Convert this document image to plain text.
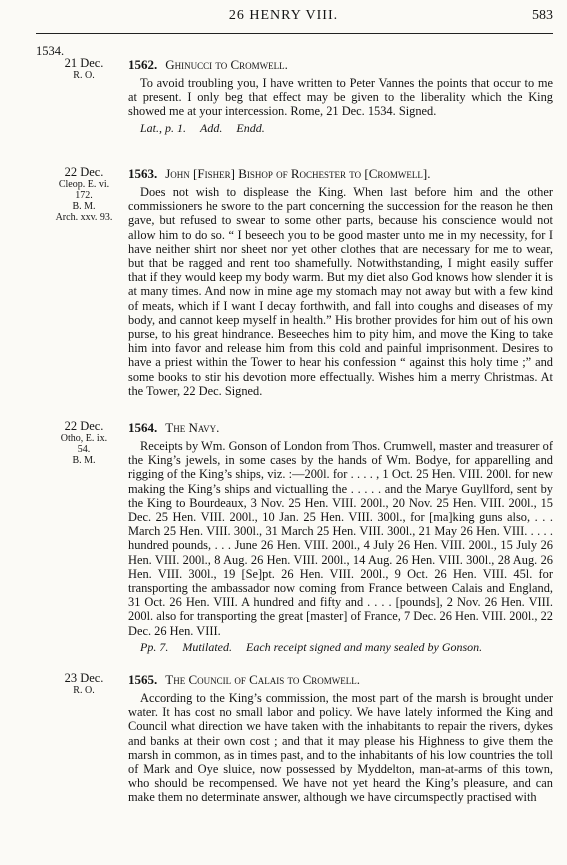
26 HENRY VIII.	583
1534.
21 Dec.
R. O.

1562. Ghinucci to Cromwell.

To avoid troubling you, I have written to Peter Vannes the points that occur to me at present. I only beg that effect may be given to the liberality which the King showed me at your intercession. Rome, 21 Dec. 1534. Signed.

Lat., p. 1. Add. Endd.

22 Dec.
Cleop. E. vi.
172.
B. M.
Arch. xxv. 93.

1563. John [Fisher] Bishop of Rochester to [Cromwell].

Does not wish to displease the King. When last before him and the other commissioners he swore to the part concerning the succession for the reason he then gave, but refused to swear to some other parts, because his conscience would not allow him to do so. “ I beseech you to be good master unto me in my necessity, for I have neither shirt nor sheet nor yet other clothes that are necessary for me to wear, but that be ragged and rent too shamefully. Notwithstanding, I might easily suffer that if they would keep my body warm. But my diet also God knows how slender it is at many times. And now in mine age my stomach may not away but with a few kind of meats, which if I want I decay forthwith, and fall into coughs and diseases of my body, and cannot keep myself in health.” His brother provides for him out of his own purse, to his great hindrance. Beseeches him to pity him, and move the King to take him into favor and release him from this cold and painful imprisonment. Desires to have a priest within the Tower to hear his confession “ against this holy time ;” and some books to stir his devotion more effectually. Wishes him a merry Christmas. At the Tower, 22 Dec. Signed.

22 Dec.
Otho, E. ix.
54.
B. M.

1564. The Navy.

Receipts by Wm. Gonson of London from Thos. Crumwell, master and treasurer of the King’s jewels, in some cases by the hands of Wm. Bodye, for apparelling and rigging of the King’s ships, viz. :—200l. for . . . . , 1 Oct. 25 Hen. VIII. 200l. for new making the King’s ships and victualling the . . . . . and the Marye Guyllford, sent by the King to Bourdeaux, 3 Nov. 25 Hen. VIII. 200l., 20 Nov. 25 Hen. VIII. 200l., 15 Dec. 25 Hen. VIII. 200l., 10 Jan. 25 Hen. VIII. 300l., for [ma]king guns also, . . . March 25 Hen. VIII. 300l., 31 March 25 Hen. VIII. 300l., 21 May 26 Hen. VIII. . . . . hundred pounds, . . . June 26 Hen. VIII. 200l., 4 July 26 Hen. VIII. 200l., 15 July 26 Hen. VIII. 200l., 8 Aug. 26 Hen. VIII. 200l., 14 Aug. 26 Hen. VIII. 300l., 28 Aug. 26 Hen. VIII. 300l., 19 [Se]pt. 26 Hen. VIII. 200l., 9 Oct. 26 Hen. VIII. 45l. for transporting the ambassador now coming from France between Calais and England, 31 Oct. 26 Hen. VIII. A hundred and fifty and . . . . [pounds], 2 Nov. 26 Hen. VIII. 200l. also for transporting the great [master] of France, 7 Dec. 26 Hen. VIII. 200l., 22 Dec. 26 Hen. VIII.

Pp. 7. Mutilated. Each receipt signed and many sealed by Gonson.

23 Dec.
R. O.

1565. The Council of Calais to Cromwell.

According to the King’s commission, the most part of the marsh is brought under water. It has cost no small labor and policy. We have lately informed the King and Council what direction we have taken with the inhabitants to repair the rivers, dykes and banks at their own cost ; and that it may please his Highness to give them the marsh in common, as in times past, and to the inhabitants of his low countries the toll of Mark and Oye sluice, now possessed by Myddelton, man-at-arms of this town, who should be recompensed. We have not yet heard the King’s pleasure, and can make them no determinate answer, although we have circumspectly practised with
